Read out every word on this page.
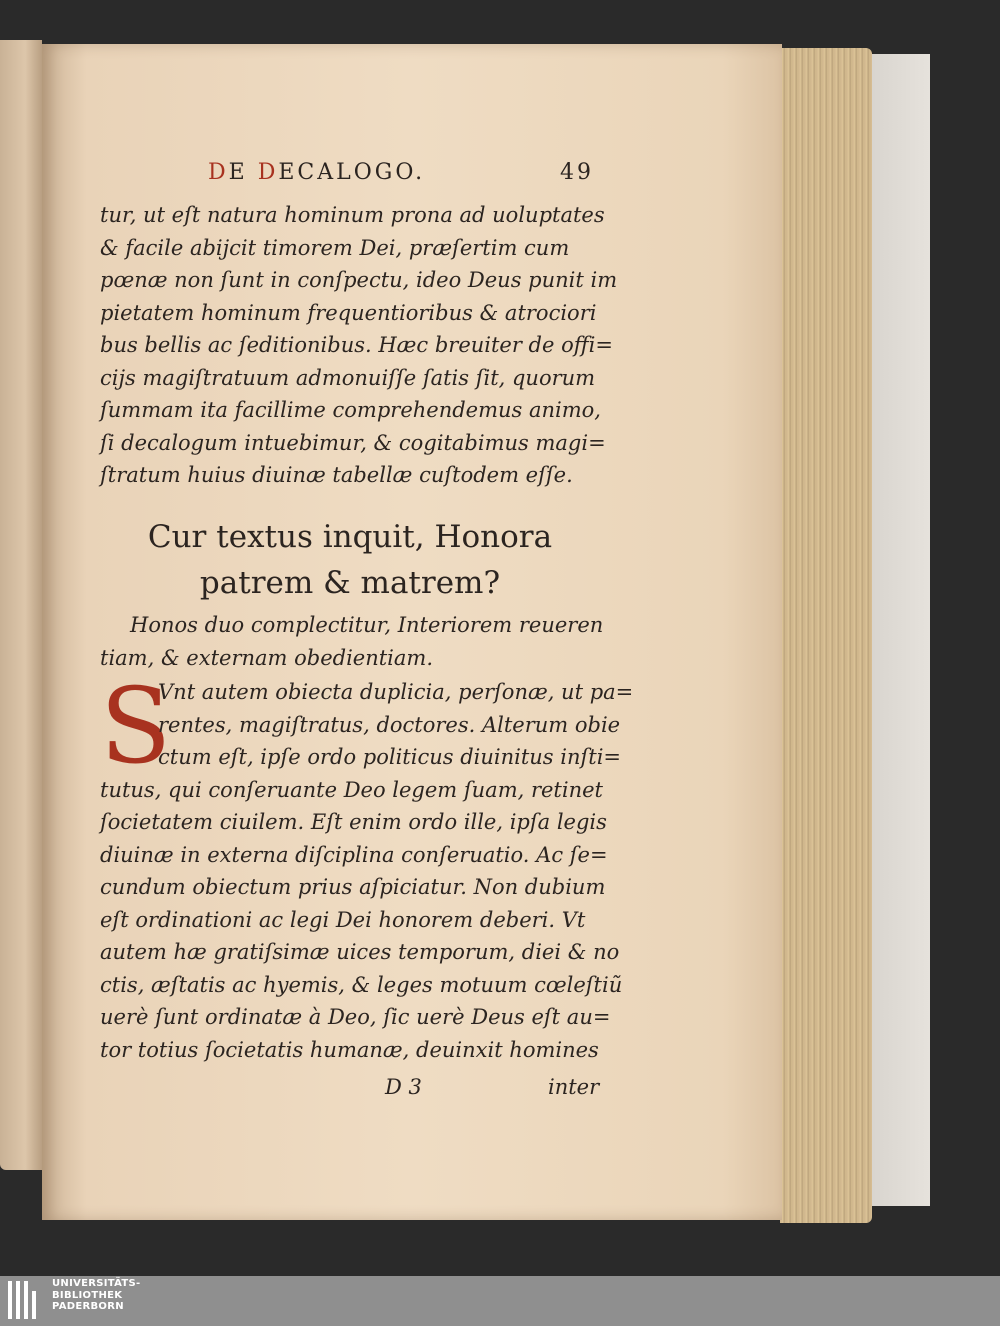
DE DECALOGO.	49
tur, ut eſt natura hominum prona ad uoluptates
& facile abijcit timorem Dei, præſertim cum
pœnæ non ſunt in conſpectu, ideo Deus punit im
pietatem hominum frequentioribus & atrociori
bus bellis ac ſeditionibus. Hæc breuiter de offi=
cijs magiſtratuum admonuiſſe ſatis ſit, quorum
ſummam ita facillime comprehendemus animo,
ſi decalogum intuebimur, & cogitabimus magi=
ſtratum huius diuinæ tabellæ cuſtodem eſſe.
Cur textus inquit, Honora
patrem & matrem?
Honos duo complectitur, Interiorem reueren
tiam, & externam obedientiam.
S
Vnt autem obiecta duplicia, perſonæ, ut pa=
rentes, magiſtratus, doctores. Alterum obie
ctum eſt, ipſe ordo politicus diuinitus inſti=
tutus, qui conſeruante Deo legem ſuam, retinet
ſocietatem ciuilem. Eſt enim ordo ille, ipſa legis
diuinæ in externa diſciplina conſeruatio. Ac ſe=
cundum obiectum prius aſpiciatur. Non dubium
eſt ordinationi ac legi Dei honorem deberi. Vt
autem hæ gratiſsimæ uices temporum, diei & no
ctis, æſtatis ac hyemis, & leges motuum cœleſtiũ
uerè ſunt ordinatæ à Deo, ſic uerè Deus eſt au=
tor totius ſocietatis humanæ, deuinxit homines
D 3	inter
UNIVERSITÄTS-
BIBLIOTHEK
PADERBORN
